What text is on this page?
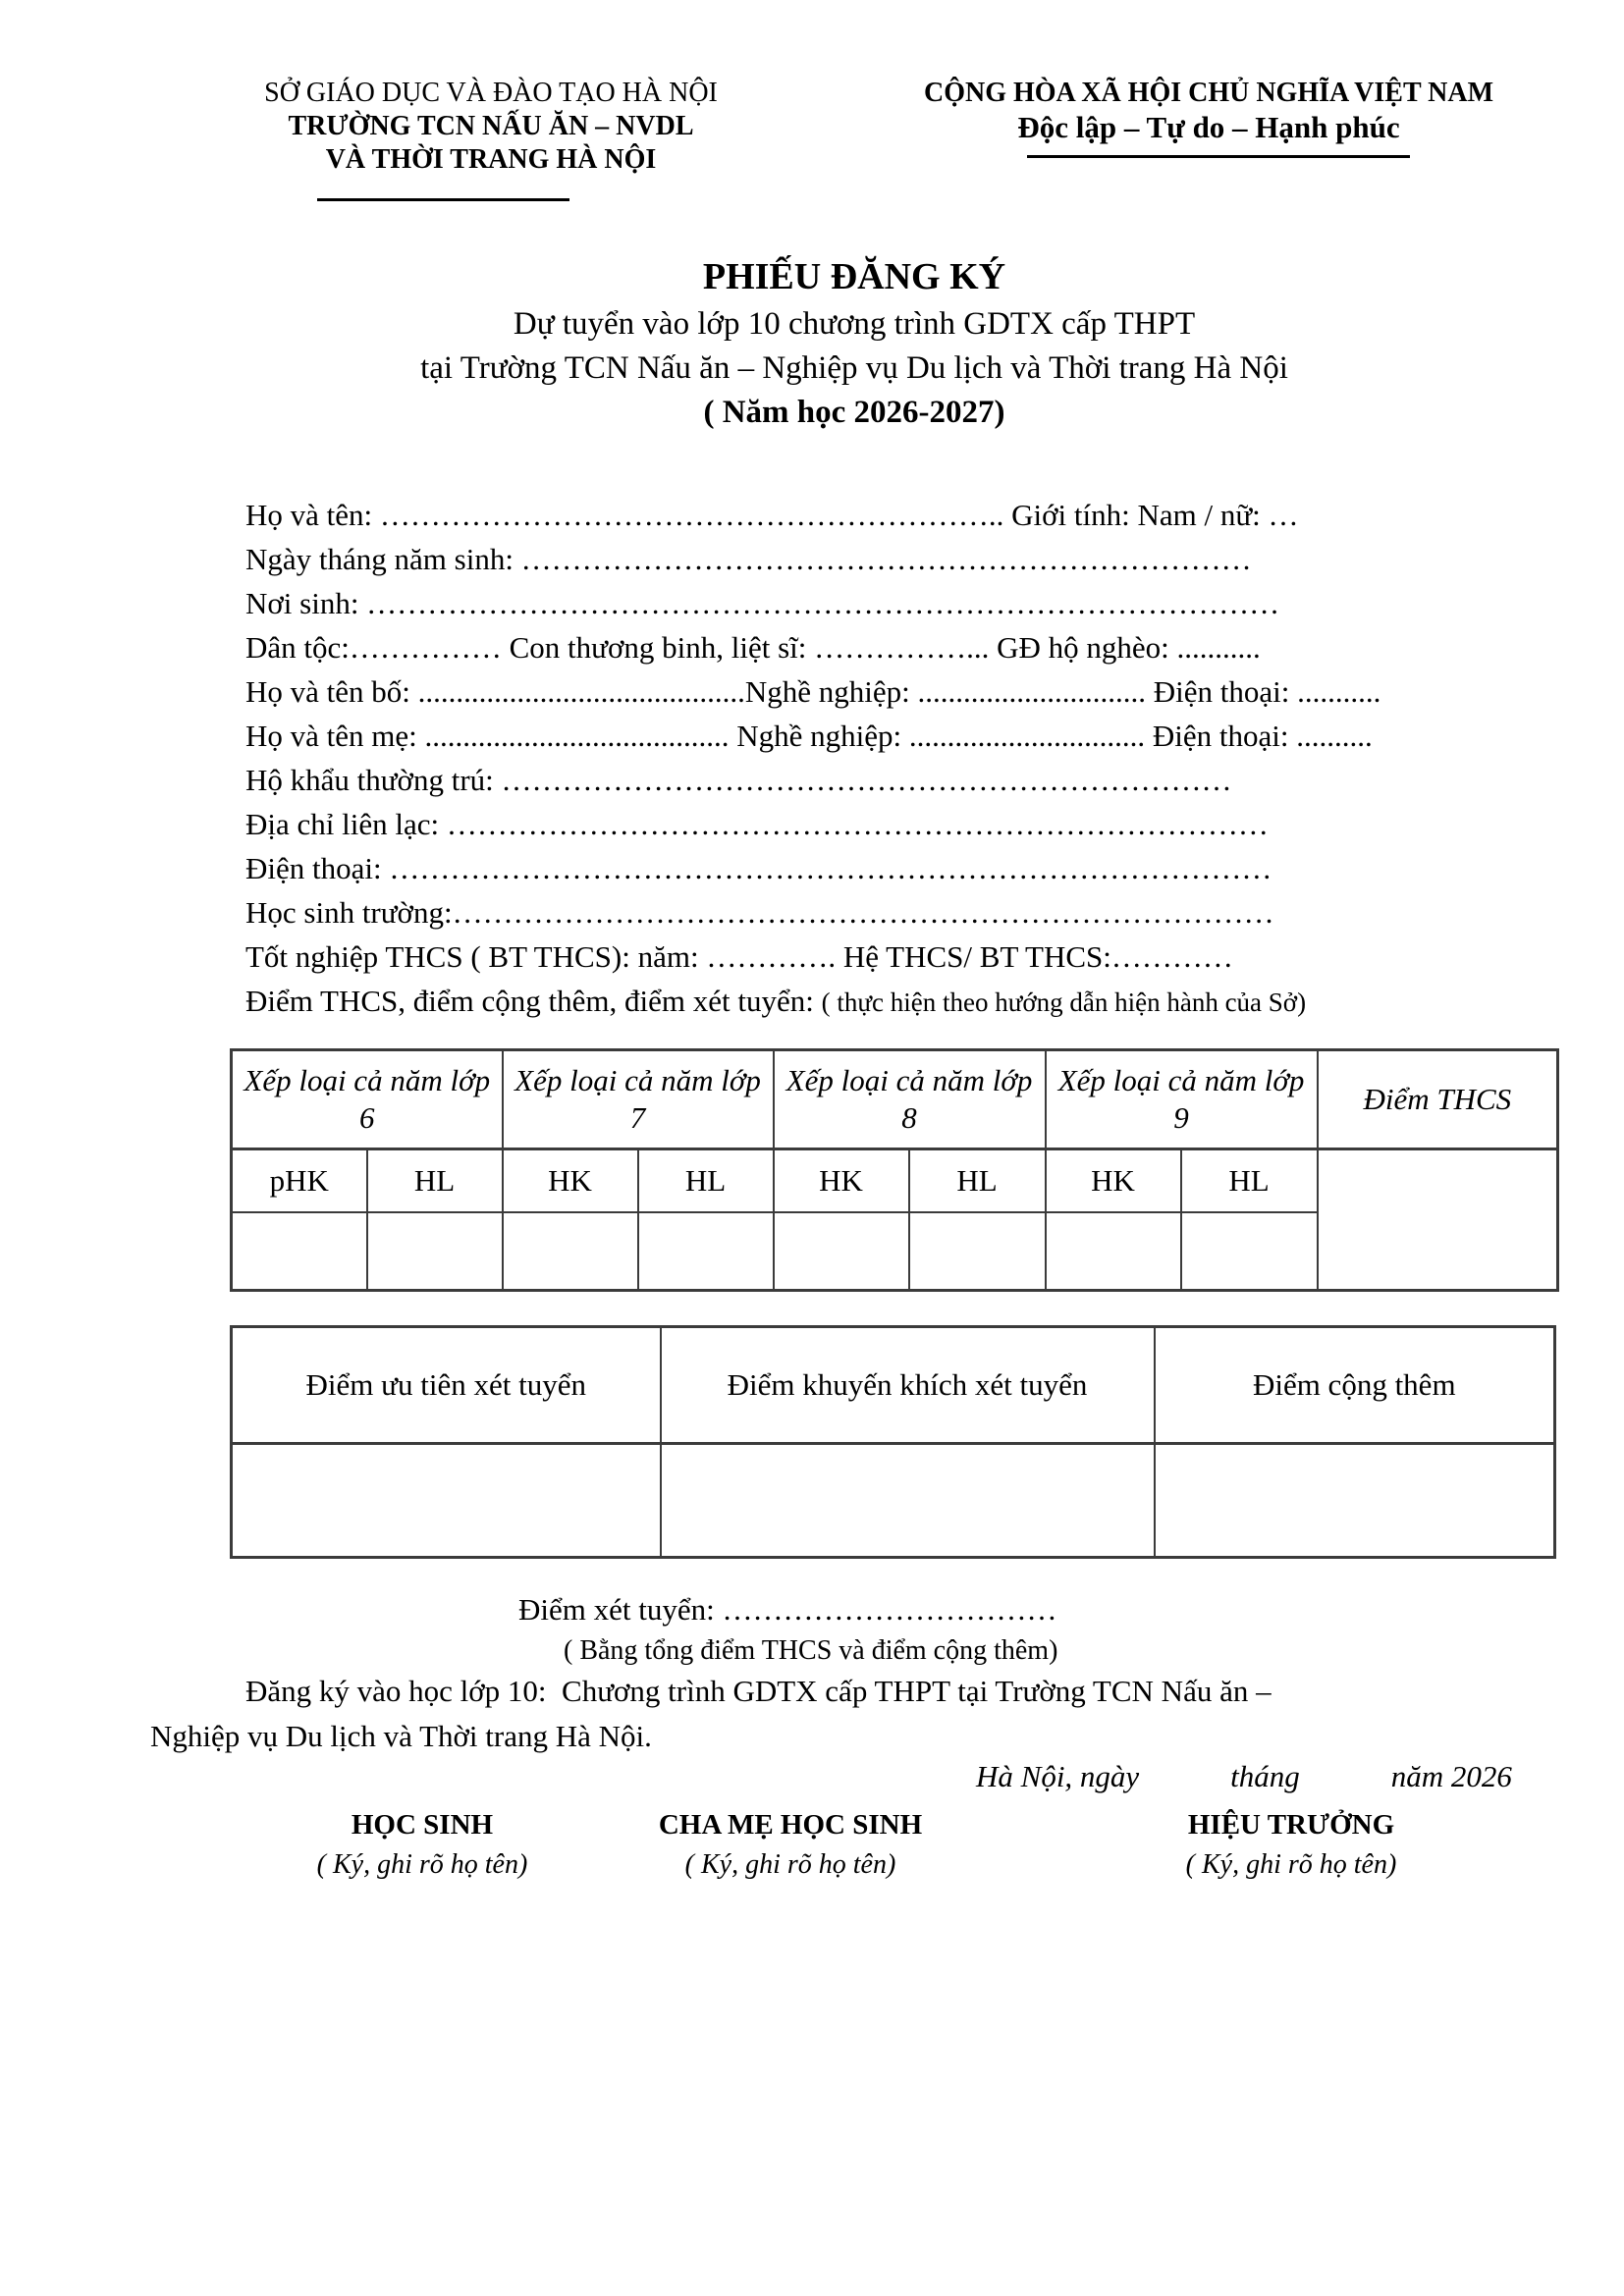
SỞ GIÁO DỤC VÀ ĐÀO TẠO HÀ NỘI
TRƯỜNG TCN NẤU ĂN – NVDL
VÀ THỜI TRANG HÀ NỘI
CỘNG HÒA XÃ HỘI CHỦ NGHĨA VIỆT NAM
Độc lập – Tự do – Hạnh phúc
PHIẾU ĐĂNG KÝ
Dự tuyển vào lớp 10 chương trình GDTX cấp THPT
tại Trường TCN Nấu ăn – Nghiệp vụ Du lịch và Thời trang Hà Nội
( Năm học 2026-2027)
Họ và tên: …………………………………………………….. Giới tính: Nam / nữ: …
Ngày tháng năm sinh: ………………………………………………………………
Nơi sinh: ………………………………………………………………………………
Dân tộc:…………… Con thương binh, liệt sĩ: ……………... GĐ hộ nghèo: ...........
Họ và tên bố: ...........................................Nghề nghiệp: .............................. Điện thoại: ...........
Họ và tên mẹ: ........................................ Nghề nghiệp: ............................... Điện thoại: ..........
Hộ khẩu thường trú: ………………………………………………………………
Địa chỉ liên lạc: ………………………………………………………………………
Điện thoại: ……………………………………………………………………………
Học sinh trường:………………………………………………………………………
Tốt nghiệp THCS ( BT THCS): năm: …………. Hệ THCS/ BT THCS:…………
Điểm THCS, điểm cộng thêm, điểm xét tuyển: ( thực hiện theo hướng dẫn hiện hành của Sở)
Xếp loại cả năm lớp 6		Xếp loại cả năm lớp 7		Xếp loại cả năm lớp 8		Xếp loại cả năm lớp 9		Điểm THCS
pHK	HL	HK	HL	HK	HL	HK	HL	

Điểm ưu tiên xét tuyển	Điểm khuyến khích xét tuyển	Điểm cộng thêm

Điểm xét tuyển: ……………………………
( Bằng tổng điểm THCS và điểm cộng thêm)
Đăng ký vào học lớp 10:  Chương trình GDTX cấp THPT tại Trường TCN Nấu ăn –
Nghiệp vụ Du lịch và Thời trang Hà Nội.
Hà Nội, ngày            tháng            năm 2026
HỌC SINH
( Ký, ghi rõ họ tên)
CHA MẸ HỌC SINH
( Ký, ghi rõ họ tên)
HIỆU TRƯỞNG
( Ký, ghi rõ họ tên)
